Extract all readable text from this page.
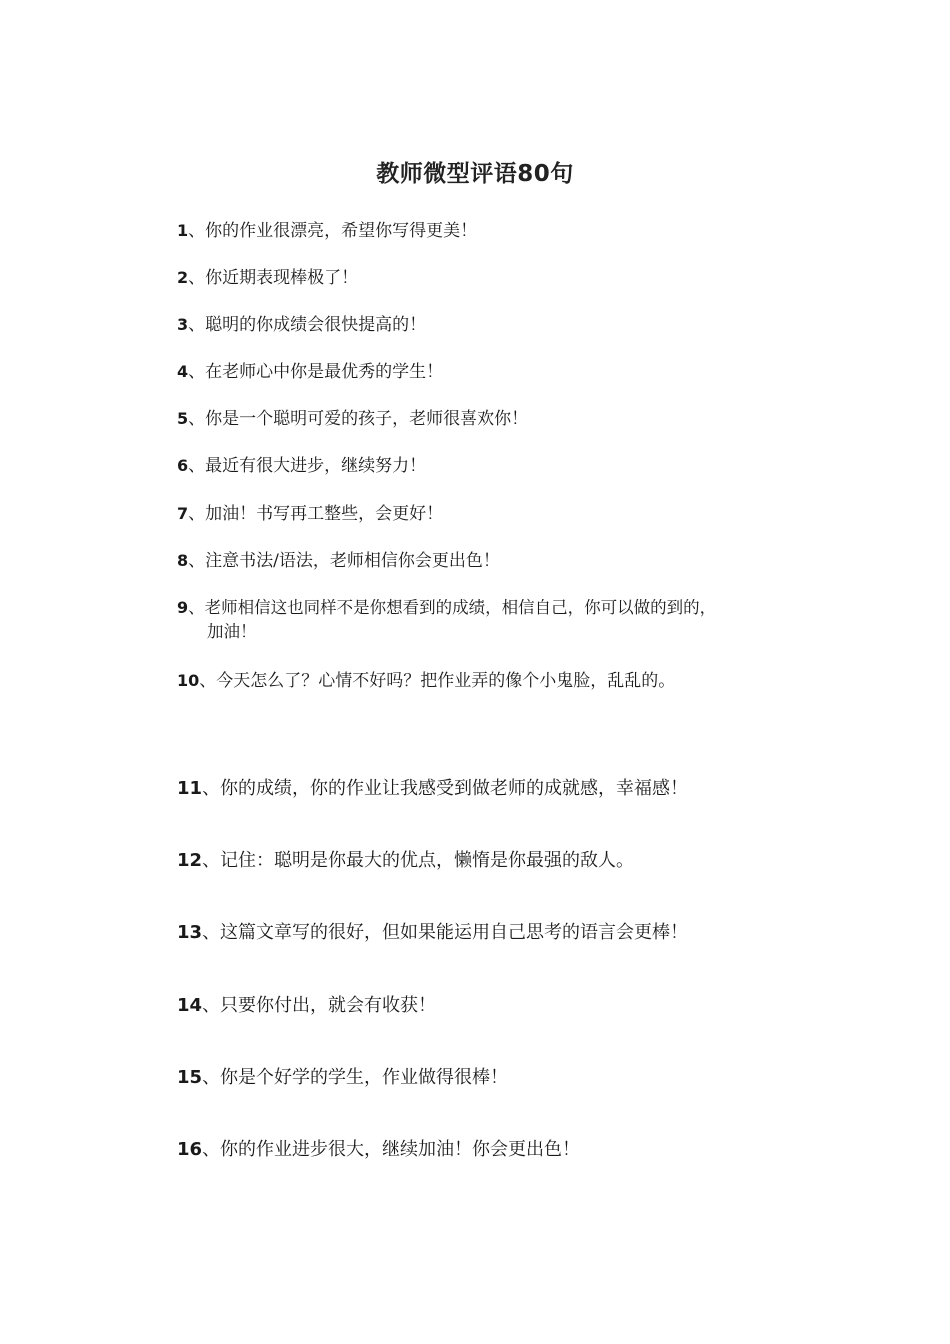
教师微型评语80句
1、你的作业很漂亮，希望你写得更美！
2、你近期表现棒极了！
3、聪明的你成绩会很快提高的！
4、在老师心中你是最优秀的学生！
5、你是一个聪明可爱的孩子，老师很喜欢你！
6、最近有很大进步，继续努力！
7、加油！书写再工整些，会更好！
8、注意书法/语法，老师相信你会更出色！
9、老师相信这也同样不是你想看到的成绩，相信自己，你可以做的到的，
加油！
10、今天怎么了？心情不好吗？把作业弄的像个小鬼脸，乱乱的。
11、你的成绩，你的作业让我感受到做老师的成就感，幸福感！
12、记住：聪明是你最大的优点，懒惰是你最强的敌人。
13、这篇文章写的很好，但如果能运用自己思考的语言会更棒！
14、只要你付出，就会有收获！
15、你是个好学的学生，作业做得很棒！
16、你的作业进步很大，继续加油！你会更出色！
